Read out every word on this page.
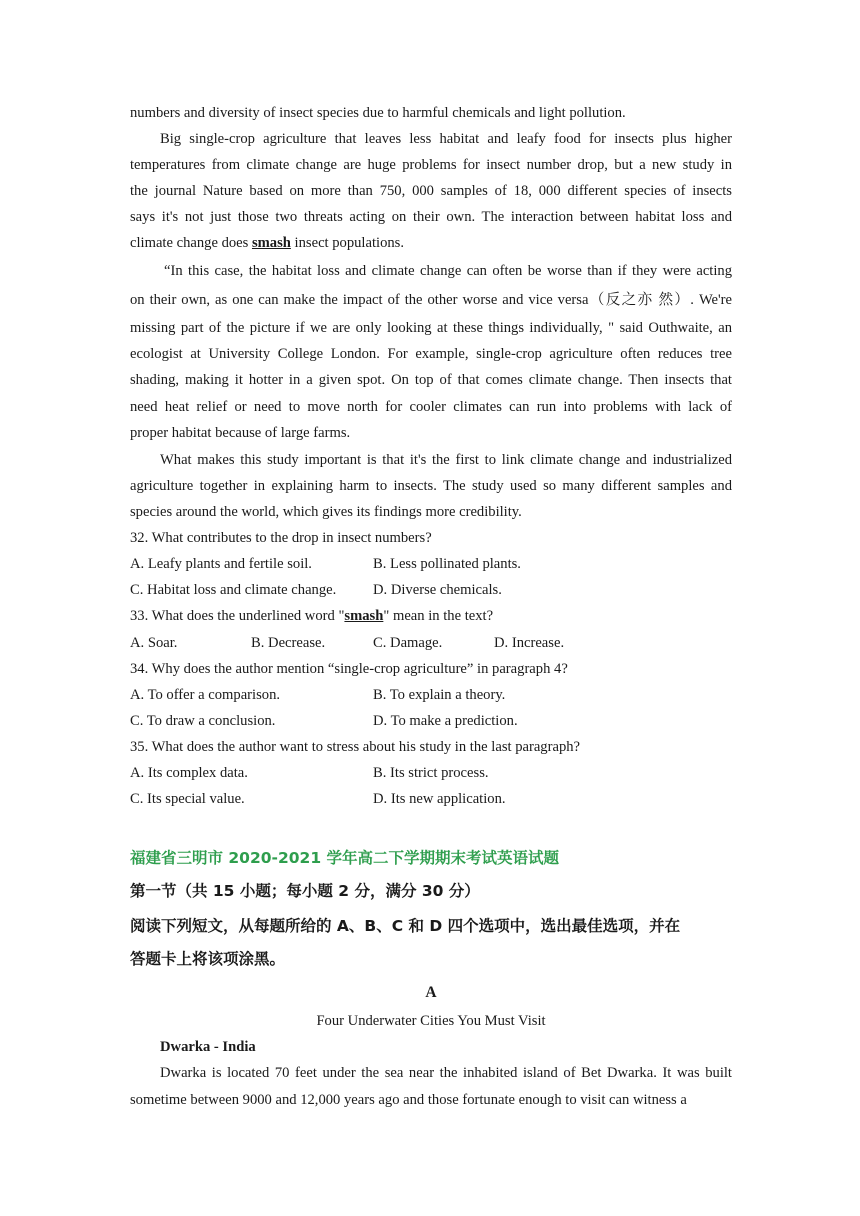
numbers and diversity of insect species due to harmful chemicals and light pollution.
Big single-crop agriculture that leaves less habitat and leafy food for insects plus higher
temperatures from climate change are huge problems for insect number drop, but a new study in
the journal Nature based on more than 750, 000 samples of 18, 000 different species of insects
says it's not just those two threats acting on their own. The interaction between habitat loss and
climate change does smash insect populations.
“In this case, the habitat loss and climate change can often be worse than if they were acting
on their own, as one can make the impact of the other worse and vice versa（反之亦 然）. We're
missing part of the picture if we are only looking at these things individually, " said Outhwaite, an
ecologist at University College London. For example, single-crop agriculture often reduces tree
shading, making it hotter in a given spot. On top of that comes climate change. Then insects that
need heat relief or need to move north for cooler climates can run into problems with lack of
proper habitat because of large farms.
What makes this study important is that it's the first to link climate change and industrialized
agriculture together in explaining harm to insects. The study used so many different samples and
species around the world, which gives its findings more credibility.
32. What contributes to the drop in insect numbers?
A. Leafy plants and fertile soil.	B. Less pollinated plants.
C. Habitat loss and climate change.	D. Diverse chemicals.
33. What does the underlined word "smash" mean in the text?
A. Soar.	B. Decrease.	C. Damage.	D. Increase.
34. Why does the author mention “single-crop agriculture” in paragraph 4?
A. To offer a comparison.	B. To explain a theory.
C. To draw a conclusion.	D. To make a prediction.
35. What does the author want to stress about his study in the last paragraph?
A. Its complex data.	B. Its strict process.
C. Its special value.	D. Its new application.
福建省三明市 2020-2021 学年高二下学期期末考试英语试题
第一节（共 15 小题；每小题 2 分，满分 30 分）
阅读下列短文，从每题所给的 A、B、C 和 D 四个选项中，选出最佳选项，并在
答题卡上将该项涂黑。
A
Four Underwater Cities You Must Visit
Dwarka - India
Dwarka is located 70 feet under the sea near the inhabited island of Bet Dwarka. It was built
sometime between 9000 and 12,000 years ago and those fortunate enough to visit can witness a
